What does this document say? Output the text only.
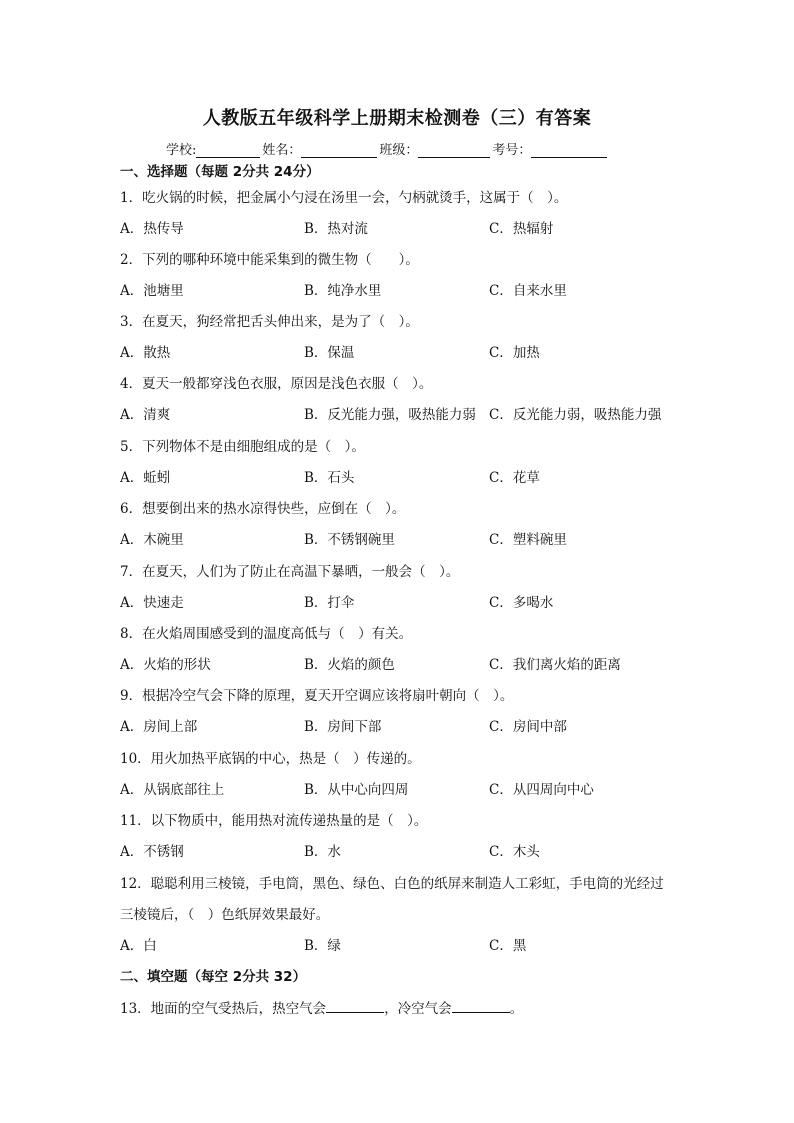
人教版五年级科学上册期末检测卷（三）有答案
学校:	姓名：	班级：	考号：
一、选择题（每题 2分共 24分）
1．吃火锅的时候，把金属小勺浸在汤里一会，勺柄就烫手，这属于（　）。
A．热传导	B．热对流	C．热辐射
2．下列的哪种环境中能采集到的微生物（　　）。
A．池塘里	B．纯净水里	C．自来水里
3．在夏天，狗经常把舌头伸出来，是为了（　）。
A．散热	B．保温	C．加热
4．夏天一般都穿浅色衣服，原因是浅色衣服（　）。
A．清爽	B．反光能力强，吸热能力弱 C．反光能力弱，吸热能力强
5．下列物体不是由细胞组成的是（　）。
A．蚯蚓	B．石头	C．花草
6．想要倒出来的热水凉得快些，应倒在（　）。
A．木碗里	B．不锈钢碗里	C．塑料碗里
7．在夏天，人们为了防止在高温下暴晒，一般会（　）。
A．快速走	B．打伞	C．多喝水
8．在火焰周围感受到的温度高低与（　）有关。
A．火焰的形状	B．火焰的颜色	C．我们离火焰的距离
9．根据冷空气会下降的原理，夏天开空调应该将扇叶朝向（　）。
A．房间上部	B．房间下部	C．房间中部
10．用火加热平底锅的中心，热是（　）传递的。
A．从锅底部往上	B．从中心向四周	C．从四周向中心
11．以下物质中，能用热对流传递热量的是（　）。
A．不锈钢	B．水	C．木头
12．聪聪利用三棱镜，手电筒，黑色、绿色、白色的纸屏来制造人工彩虹，手电筒的光经过
三棱镜后，（　）色纸屏效果最好。
A．白	B．绿	C．黑
二、填空题（每空 2分共 32）
13．地面的空气受热后，热空气会	，冷空气会	。
